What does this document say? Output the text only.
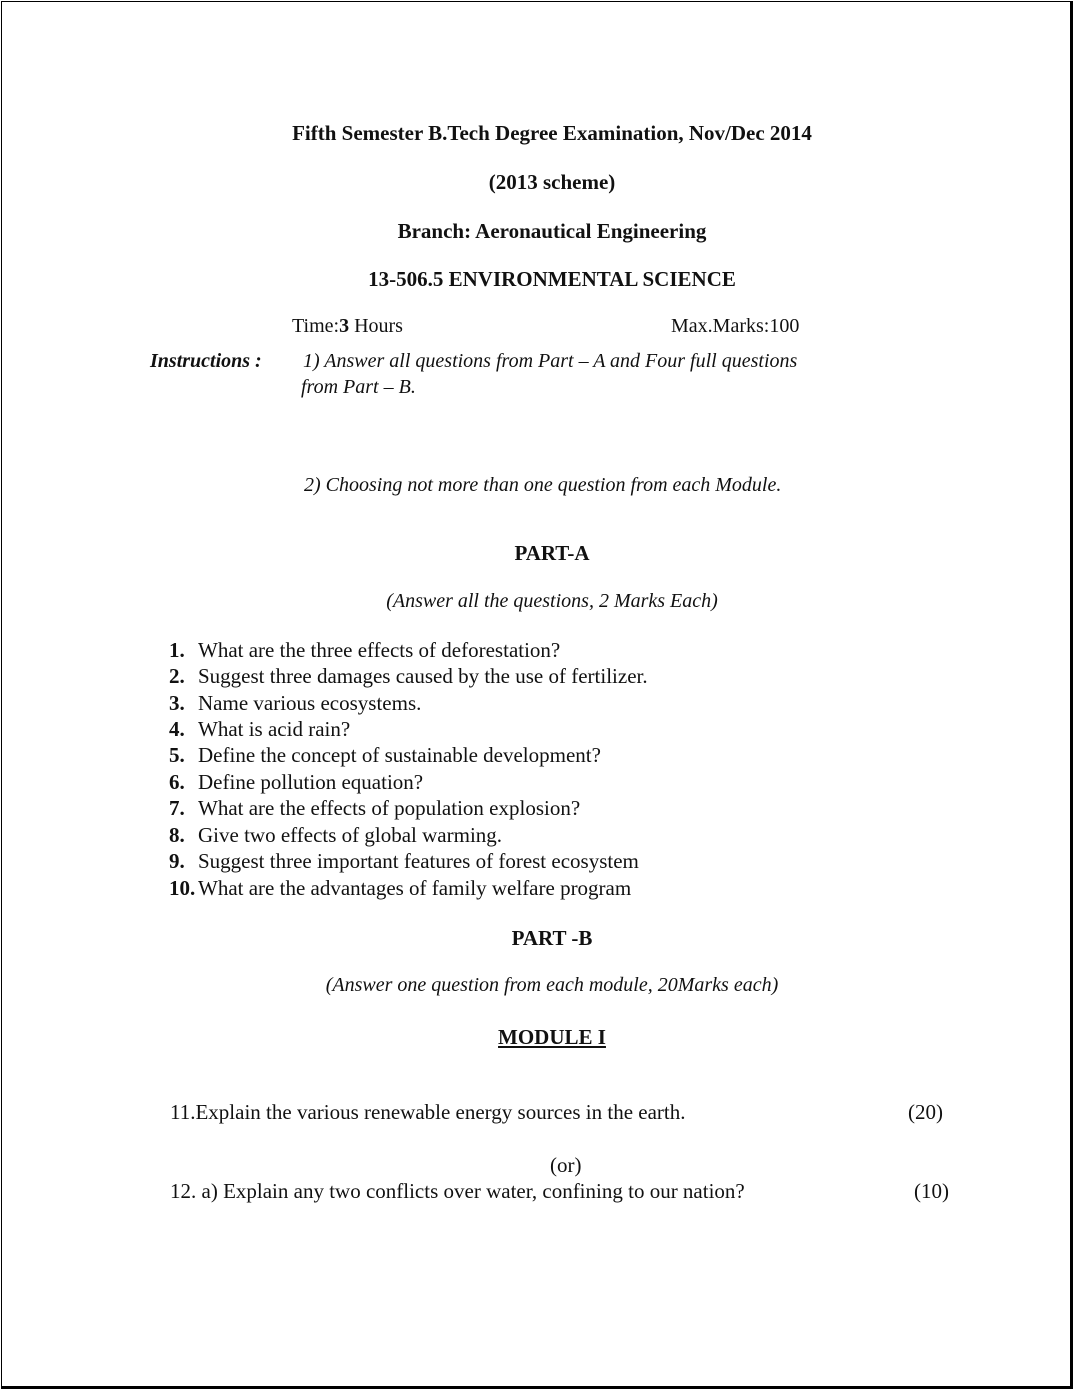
Fifth Semester B.Tech Degree Examination, Nov/Dec 2014
(2013 scheme)
Branch: Aeronautical Engineering
13-506.5 ENVIRONMENTAL SCIENCE
Time:3 Hours	Max.Marks:100
Instructions : 1) Answer all questions from Part – A and Four full questions
from Part – B.
2) Choosing not more than one question from each Module.
PART-A
(Answer all the questions, 2 Marks Each)
1. What are the three effects of deforestation?
2. Suggest three damages caused by the use of fertilizer.
3. Name various ecosystems.
4. What is acid rain?
5. Define the concept of sustainable development?
6. Define pollution equation?
7. What are the effects of population explosion?
8. Give two effects of global warming.
9. Suggest three important features of forest ecosystem
10. What are the advantages of family welfare program
PART -B
(Answer one question from each module, 20Marks each)
MODULE I
11.Explain the various renewable energy sources in the earth.	(20)
(or)
12. a) Explain any two conflicts over water, confining to our nation?	(10)
